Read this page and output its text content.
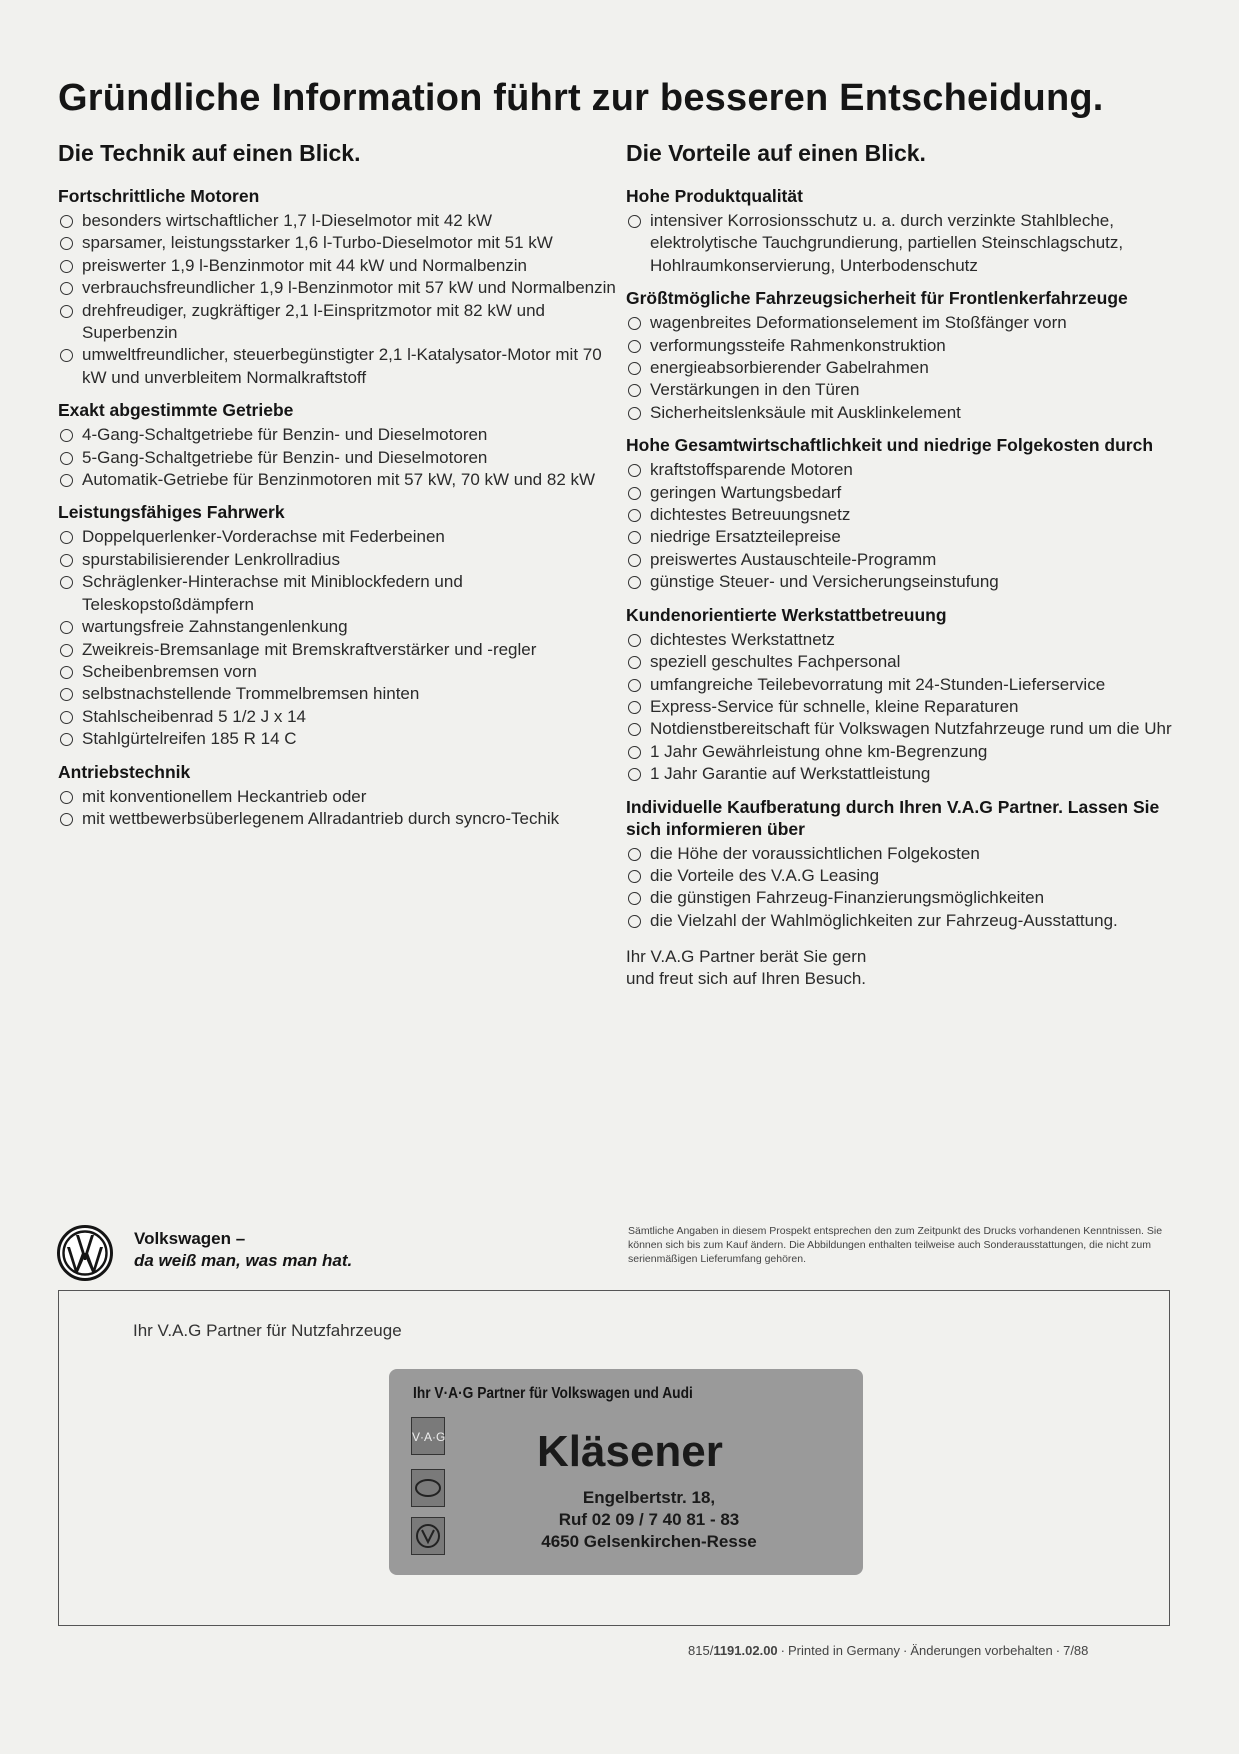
Gründliche Information führt zur besseren Entscheidung.
Die Technik auf einen Blick.
Fortschrittliche Motoren
besonders wirtschaftlicher 1,7 l-Dieselmotor mit 42 kW
sparsamer, leistungsstarker 1,6 l-Turbo-Dieselmotor mit 51 kW
preiswerter 1,9 l-Benzinmotor mit 44 kW und Normalbenzin
verbrauchsfreundlicher 1,9 l-Benzinmotor mit 57 kW und Normalbenzin
drehfreudiger, zugkräftiger 2,1 l-Einspritzmotor mit 82 kW und Superbenzin
umweltfreundlicher, steuerbegünstigter 2,1 l-Katalysator-Motor mit 70 kW und unverbleitem Normalkraftstoff
Exakt abgestimmte Getriebe
4-Gang-Schaltgetriebe für Benzin- und Dieselmotoren
5-Gang-Schaltgetriebe für Benzin- und Dieselmotoren
Automatik-Getriebe für Benzinmotoren mit 57 kW, 70 kW und 82 kW
Leistungsfähiges Fahrwerk
Doppelquerlenker-Vorderachse mit Federbeinen
spurstabilisierender Lenkrollradius
Schräglenker-Hinterachse mit Miniblockfedern und Teleskopstoßdämpfern
wartungsfreie Zahnstangenlenkung
Zweikreis-Bremsanlage mit Bremskraftverstärker und -regler
Scheibenbremsen vorn
selbstnachstellende Trommelbremsen hinten
Stahlscheibenrad 5 1/2 J x 14
Stahlgürtelreifen 185 R 14 C
Antriebstechnik
mit konventionellem Heckantrieb oder
mit wettbewerbsüberlegenem Allradantrieb durch syncro-Techik
Die Vorteile auf einen Blick.
Hohe Produktqualität
intensiver Korrosionsschutz u. a. durch verzinkte Stahlbleche, elektrolytische Tauchgrundierung, partiellen Steinschlagschutz, Hohlraumkonservierung, Unterbodenschutz
Größtmögliche Fahrzeugsicherheit für Frontlenkerfahrzeuge
wagenbreites Deformationselement im Stoßfänger vorn
verformungssteife Rahmenkonstruktion
energieabsorbierender Gabelrahmen
Verstärkungen in den Türen
Sicherheitslenksäule mit Ausklinkelement
Hohe Gesamtwirtschaftlichkeit und niedrige Folgekosten durch
kraftstoffsparende Motoren
geringen Wartungsbedarf
dichtestes Betreuungsnetz
niedrige Ersatzteilepreise
preiswertes Austauschteile-Programm
günstige Steuer- und Versicherungseinstufung
Kundenorientierte Werkstattbetreuung
dichtestes Werkstattnetz
speziell geschultes Fachpersonal
umfangreiche Teilebevorratung mit 24-Stunden-Lieferservice
Express-Service für schnelle, kleine Reparaturen
Notdienstbereitschaft für Volkswagen Nutzfahrzeuge rund um die Uhr
1 Jahr Gewährleistung ohne km-Begrenzung
1 Jahr Garantie auf Werkstattleistung
Individuelle Kaufberatung durch Ihren V.A.G Partner. Lassen Sie sich informieren über
die Höhe der voraussichtlichen Folgekosten
die Vorteile des V.A.G Leasing
die günstigen Fahrzeug-Finanzierungsmöglichkeiten
die Vielzahl der Wahlmöglichkeiten zur Fahrzeug-Ausstattung.
Ihr V.A.G Partner berät Sie gern
und freut sich auf Ihren Besuch.
Volkswagen –
da weiß man, was man hat.
Sämtliche Angaben in diesem Prospekt entsprechen den zum Zeitpunkt des Drucks vorhandenen Kenntnissen. Sie können sich bis zum Kauf ändern. Die Abbildungen enthalten teilweise auch Sonderausstattungen, die nicht zum serienmäßigen Lieferumfang gehören.
Ihr V.A.G Partner für Nutzfahrzeuge
Ihr V·A·G Partner für Volkswagen und Audi
V·A·G Kläsener
Engelbertstr. 18,
Ruf 02 09 / 7 40 81 - 83
4650 Gelsenkirchen-Resse
815/1191.02.00 · Printed in Germany · Änderungen vorbehalten · 7/88
